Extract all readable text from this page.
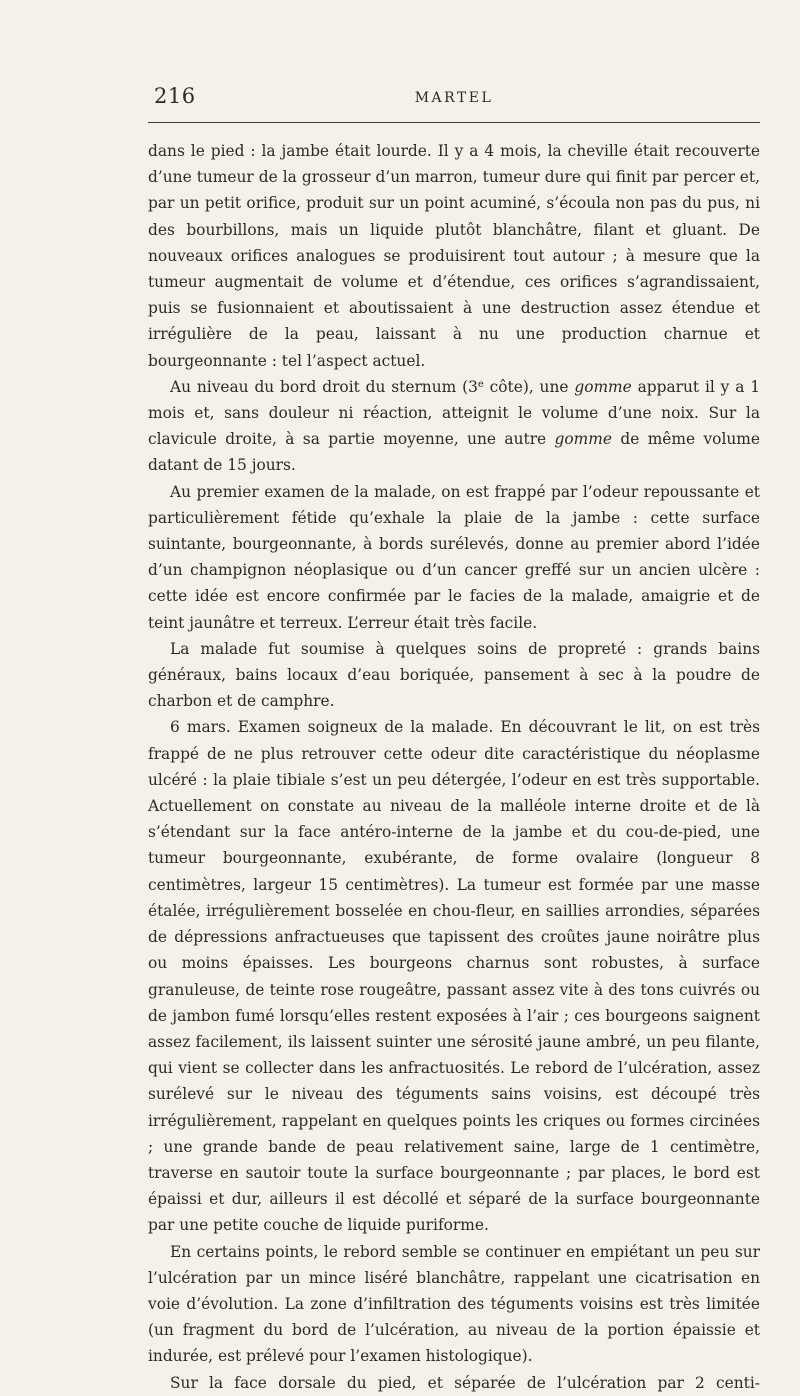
216	MARTEL

dans le pied : la jambe était lourde. Il y a 4 mois, la cheville était recouverte d’une tumeur de la grosseur d’un marron, tumeur dure qui finit par percer et, par un petit orifice, produit sur un point acuminé, s’écoula non pas du pus, ni des bourbillons, mais un liquide plutôt blanchâtre, filant et gluant. De nouveaux orifices analogues se produisirent tout autour ; à mesure que la tumeur augmentait de volume et d’étendue, ces orifices s’agrandissaient, puis se fusionnaient et aboutissaient à une destruction assez étendue et irrégulière de la peau, laissant à nu une production charnue et bourgeonnante : tel l’aspect actuel.

Au niveau du bord droit du sternum (3e côte), une gomme apparut il y a 1 mois et, sans douleur ni réaction, atteignit le volume d’une noix. Sur la clavicule droite, à sa partie moyenne, une autre gomme de même volume datant de 15 jours.

Au premier examen de la malade, on est frappé par l’odeur repoussante et particulièrement fétide qu’exhale la plaie de la jambe : cette surface suintante, bourgeonnante, à bords surélevés, donne au premier abord l’idée d’un champignon néoplasique ou d’un cancer greffé sur un ancien ulcère : cette idée est encore confirmée par le facies de la malade, amaigrie et de teint jaunâtre et terreux. L’erreur était très facile.

La malade fut soumise à quelques soins de propreté : grands bains généraux, bains locaux d’eau boriquée, pansement à sec à la poudre de charbon et de camphre.

6 mars. Examen soigneux de la malade. En découvrant le lit, on est très frappé de ne plus retrouver cette odeur dite caractéristique du néoplasme ulcéré : la plaie tibiale s’est un peu détergée, l’odeur en est très supportable. Actuellement on constate au niveau de la malléole interne droite et de là s’étendant sur la face antéro-interne de la jambe et du cou-de-pied, une tumeur bourgeonnante, exubérante, de forme ovalaire (longueur 8 centimètres, largeur 15 centimètres). La tumeur est formée par une masse étalée, irrégulièrement bosselée en chou-fleur, en saillies arrondies, séparées de dépressions anfractueuses que tapissent des croûtes jaune noirâtre plus ou moins épaisses. Les bourgeons charnus sont robustes, à surface granuleuse, de teinte rose rougeâtre, passant assez vite à des tons cuivrés ou de jambon fumé lorsqu’elles restent exposées à l’air ; ces bourgeons saignent assez facilement, ils laissent suinter une sérosité jaune ambré, un peu filante, qui vient se collecter dans les anfractuosités. Le rebord de l’ulcération, assez surélevé sur le niveau des téguments sains voisins, est découpé très irrégulièrement, rappelant en quelques points les criques ou formes circinées ; une grande bande de peau relativement saine, large de 1 centimètre, traverse en sautoir toute la surface bourgeonnante ; par places, le bord est épaissi et dur, ailleurs il est décollé et séparé de la surface bourgeonnante par une petite couche de liquide puriforme.

En certains points, le rebord semble se continuer en empiétant un peu sur l’ulcération par un mince liséré blanchâtre, rappelant une cicatrisation en voie d’évolution. La zone d’infiltration des téguments voisins est très limitée (un fragment du bord de l’ulcération, au niveau de la portion épaissie et indurée, est prélevé pour l’examen histologique).

Sur la face dorsale du pied, et séparée de l’ulcération par 2 centi-
